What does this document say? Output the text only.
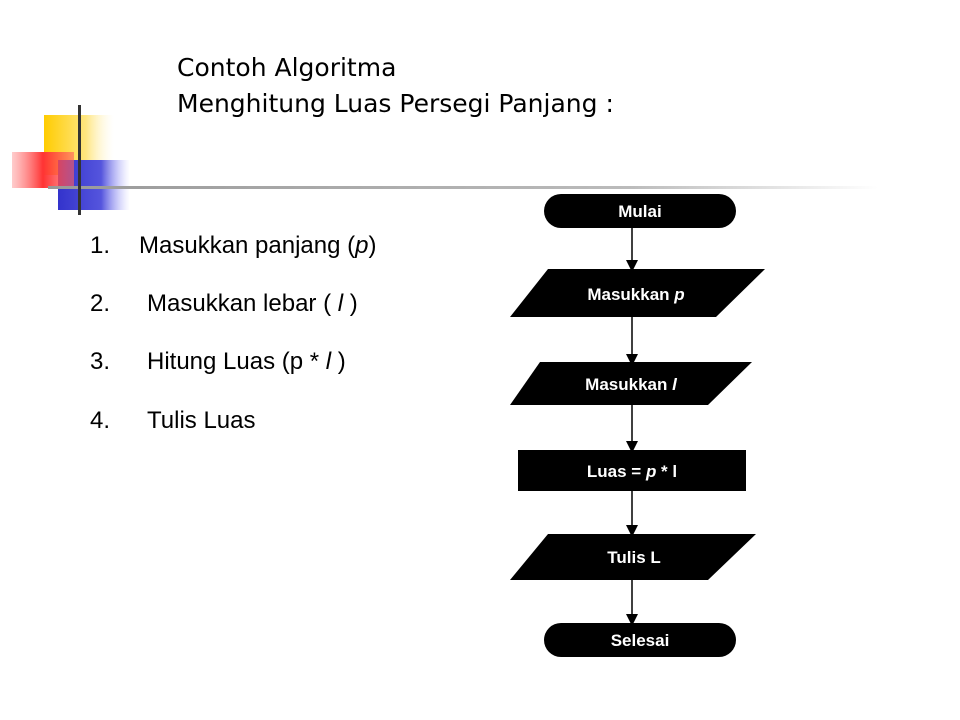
Contoh Algoritma
Menghitung Luas Persegi Panjang :
1. Masukkan panjang (p)
2. Masukkan lebar ( l )
3. Hitung Luas (p * l )
4. Tulis Luas
Mulai
Masukkan p
Masukkan l
Luas = p * l
Tulis L
Selesai
